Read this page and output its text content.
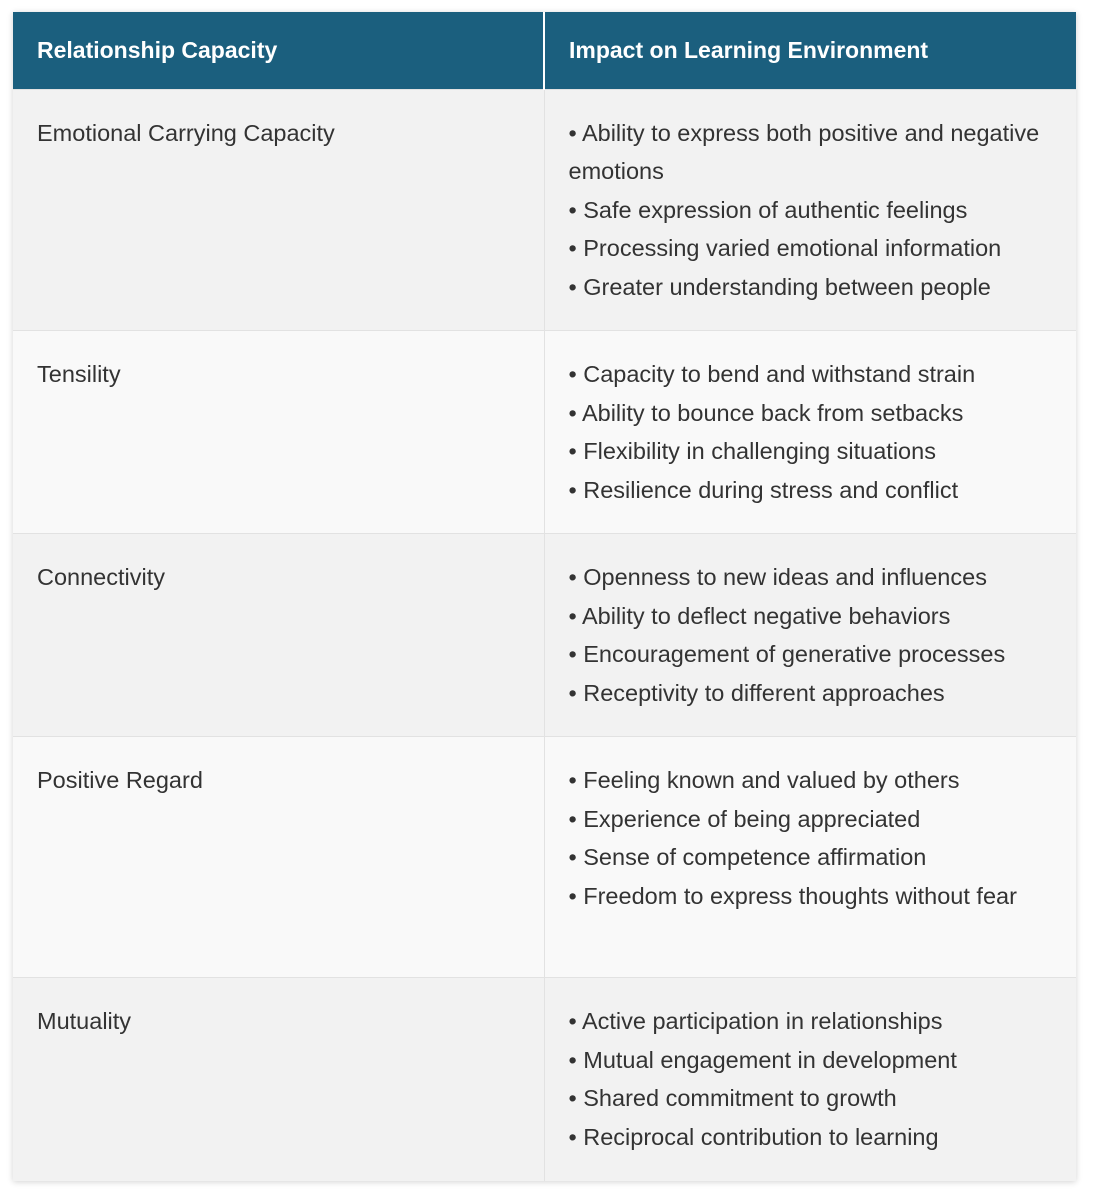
Relationship Capacity	Impact on Learning Environment
Emotional Carrying Capacity	• Ability to express both positive and negative emotions
• Safe expression of authentic feelings
• Processing varied emotional information
• Greater understanding between people

Tensility	• Capacity to bend and withstand strain
• Ability to bounce back from setbacks
• Flexibility in challenging situations
• Resilience during stress and conflict

Connectivity	• Openness to new ideas and influences
• Ability to deflect negative behaviors
• Encouragement of generative processes
• Receptivity to different approaches

Positive Regard	• Feeling known and valued by others
• Experience of being appreciated
• Sense of competence affirmation
• Freedom to express thoughts without fear

Mutuality	• Active participation in relationships
• Mutual engagement in development
• Shared commitment to growth
• Reciprocal contribution to learning
